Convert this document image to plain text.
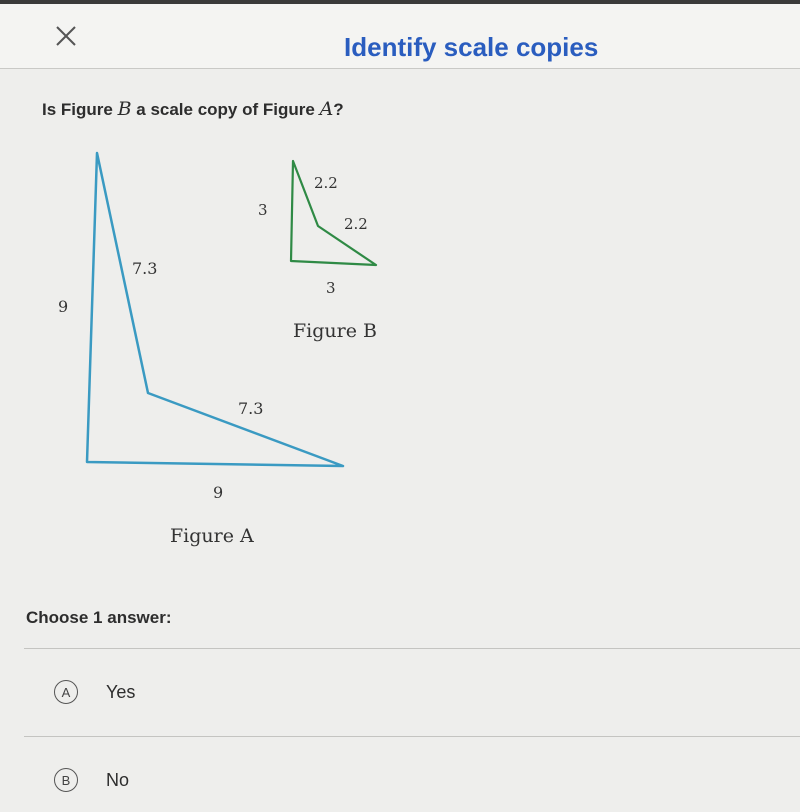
Identify scale copies
Is Figure B a scale copy of Figure A?
9
7.3
7.3
9
Figure A
3
2.2
2.2
3
Figure B
Choose 1 answer:
A	Yes
B	No
